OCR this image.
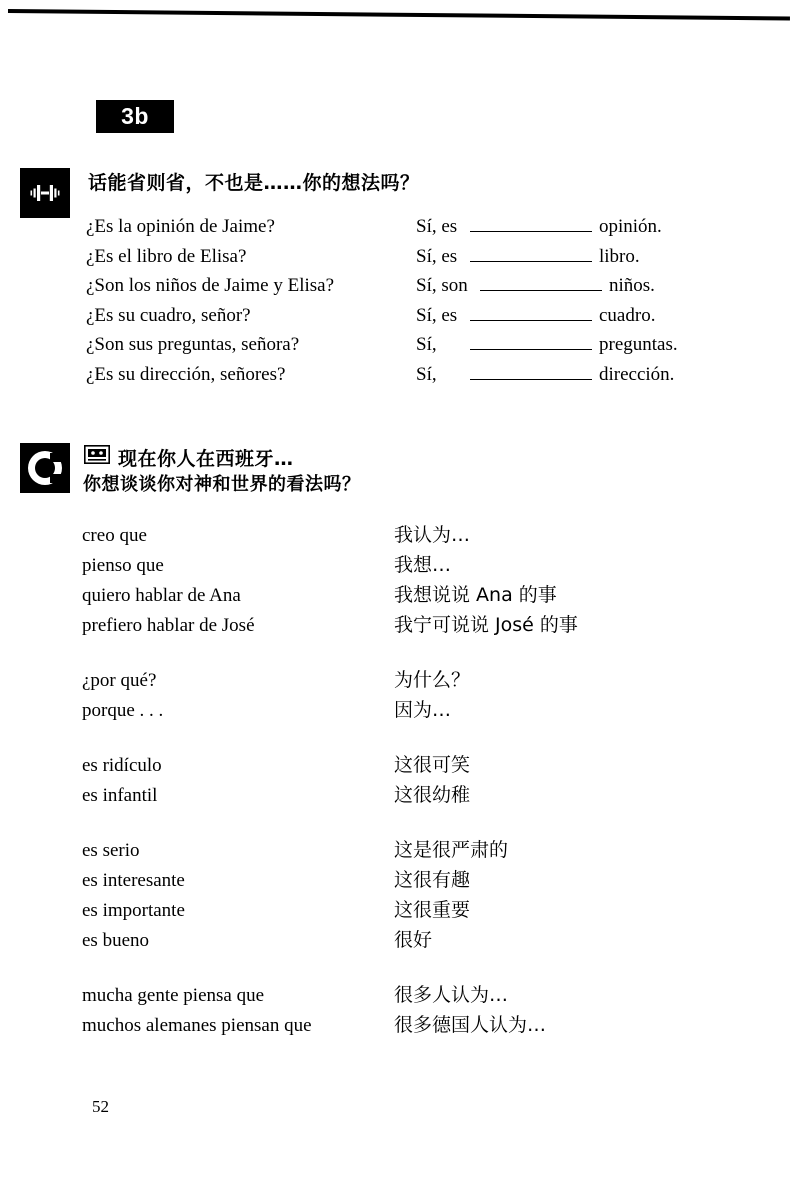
3b
话能省则省，不也是……你的想法吗？
¿Es la opinión de Jaime?	Sí, es	opinión.
¿Es el libro de Elisa?	Sí, es	libro.
¿Son los niños de Jaime y Elisa?	Sí, son	niños.
¿Es su cuadro, señor?	Sí, es	cuadro.
¿Son sus preguntas, señora?	Sí,	preguntas.
¿Es su dirección, señores?	Sí,	dirección.
现在你人在西班牙…
你想谈谈你对神和世界的看法吗？
creo que	我认为…
pienso que	我想…
quiero hablar de Ana	我想说说 Ana 的事
prefiero hablar de José	我宁可说说 José 的事
¿por qué?	为什么？
porque . . .	因为…
es ridículo	这很可笑
es infantil	这很幼稚
es serio	这是很严肃的
es interesante	这很有趣
es importante	这很重要
es bueno	很好
mucha gente piensa que	很多人认为…
muchos alemanes piensan que	很多德国人认为…
52
